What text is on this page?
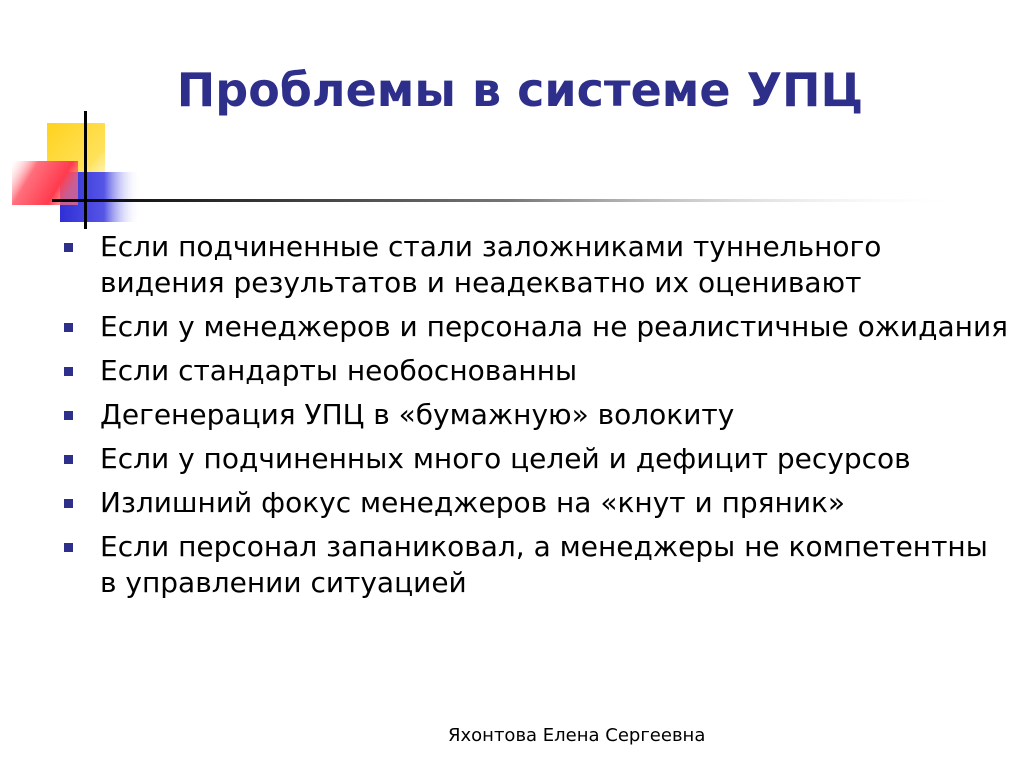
Проблемы в системе УПЦ
Если подчиненные стали заложниками туннельного видения результатов и неадекватно их оценивают
Если у менеджеров и персонала не реалистичные ожидания
Если стандарты необоснованны
Дегенерация УПЦ в «бумажную» волокиту
Если у подчиненных много целей и дефицит ресурсов
Излишний фокус менеджеров на «кнут и пряник»
Если персонал запаниковал, а менеджеры не компетентны в управлении ситуацией
Яхонтова Елена Сергеевна
